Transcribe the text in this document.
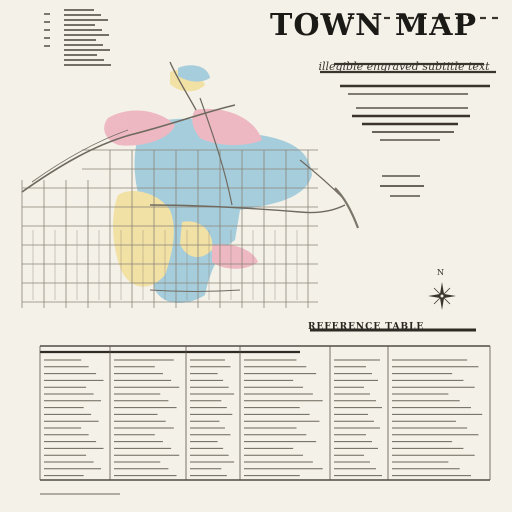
TOWN MAP
illegible engraved subtitle text
N
REFERENCE TABLE
